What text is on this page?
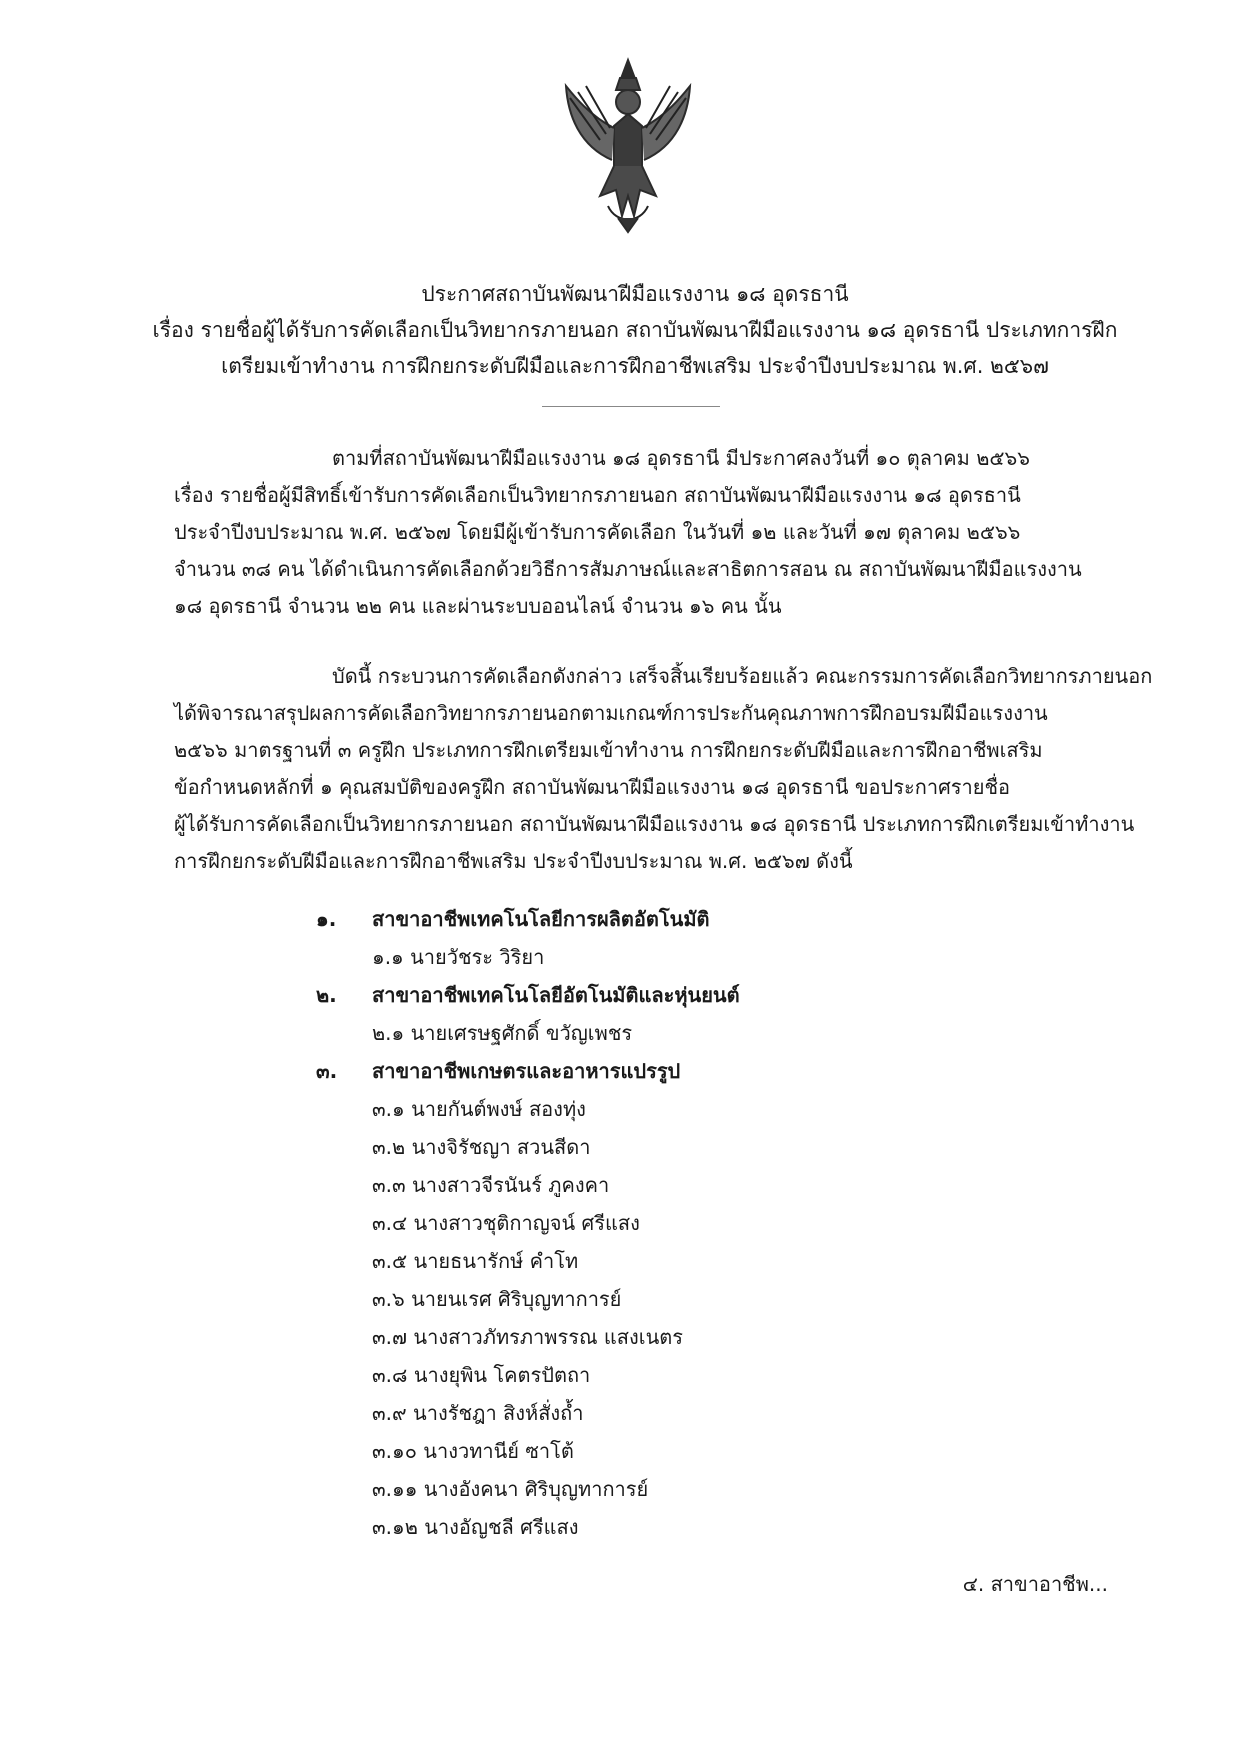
ประกาศสถาบันพัฒนาฝีมือแรงงาน ๑๘ อุดรธานี
เรื่อง รายชื่อผู้ได้รับการคัดเลือกเป็นวิทยากรภายนอก สถาบันพัฒนาฝีมือแรงงาน ๑๘ อุดรธานี ประเภทการฝึก
เตรียมเข้าทำงาน การฝึกยกระดับฝีมือและการฝึกอาชีพเสริม ประจำปีงบประมาณ พ.ศ. ๒๕๖๗
ตามที่สถาบันพัฒนาฝีมือแรงงาน ๑๘ อุดรธานี มีประกาศลงวันที่ ๑๐ ตุลาคม ๒๕๖๖
เรื่อง รายชื่อผู้มีสิทธิ์เข้ารับการคัดเลือกเป็นวิทยากรภายนอก สถาบันพัฒนาฝีมือแรงงาน ๑๘ อุดรธานี
ประจำปีงบประมาณ พ.ศ. ๒๕๖๗ โดยมีผู้เข้ารับการคัดเลือก ในวันที่ ๑๒ และวันที่ ๑๗ ตุลาคม ๒๕๖๖
จำนวน ๓๘ คน ได้ดำเนินการคัดเลือกด้วยวิธีการสัมภาษณ์และสาธิตการสอน ณ สถาบันพัฒนาฝีมือแรงงาน
๑๘ อุดรธานี จำนวน ๒๒ คน และผ่านระบบออนไลน์ จำนวน ๑๖ คน นั้น
บัดนี้ กระบวนการคัดเลือกดังกล่าว เสร็จสิ้นเรียบร้อยแล้ว คณะกรรมการคัดเลือกวิทยากรภายนอก
ได้พิจารณาสรุปผลการคัดเลือกวิทยากรภายนอกตามเกณฑ์การประกันคุณภาพการฝึกอบรมฝีมือแรงงาน
๒๕๖๖ มาตรฐานที่ ๓ ครูฝึก ประเภทการฝึกเตรียมเข้าทำงาน การฝึกยกระดับฝีมือและการฝึกอาชีพเสริม
ข้อกำหนดหลักที่ ๑ คุณสมบัติของครูฝึก สถาบันพัฒนาฝีมือแรงงาน ๑๘ อุดรธานี ขอประกาศรายชื่อ
ผู้ได้รับการคัดเลือกเป็นวิทยากรภายนอก สถาบันพัฒนาฝีมือแรงงาน ๑๘ อุดรธานี ประเภทการฝึกเตรียมเข้าทำงาน
การฝึกยกระดับฝีมือและการฝึกอาชีพเสริม ประจำปีงบประมาณ พ.ศ. ๒๕๖๗ ดังนี้
๑. สาขาอาชีพเทคโนโลยีการผลิตอัตโนมัติ
๑.๑ นายวัชระ วิริยา
๒. สาขาอาชีพเทคโนโลยีอัตโนมัติและหุ่นยนต์
๒.๑ นายเศรษฐศักดิ์ ขวัญเพชร
๓. สาขาอาชีพเกษตรและอาหารแปรรูป
๓.๑ นายกันต์พงษ์ สองทุ่ง
๓.๒ นางจิรัชญา สวนสีดา
๓.๓ นางสาวจีรนันร์ ภูคงคา
๓.๔ นางสาวชุติกาญจน์ ศรีแสง
๓.๕ นายธนารักษ์ คำโท
๓.๖ นายนเรศ ศิริบุญทาการย์
๓.๗ นางสาวภัทรภาพรรณ แสงเนตร
๓.๘ นางยุพิน โคตรปัตถา
๓.๙ นางรัชฎา สิงห์สั่งถ้ำ
๓.๑๐ นางวทานีย์ ซาโต้
๓.๑๑ นางอังคนา ศิริบุญทาการย์
๓.๑๒ นางอัญชลี ศรีแสง
๔. สาขาอาชีพ...
